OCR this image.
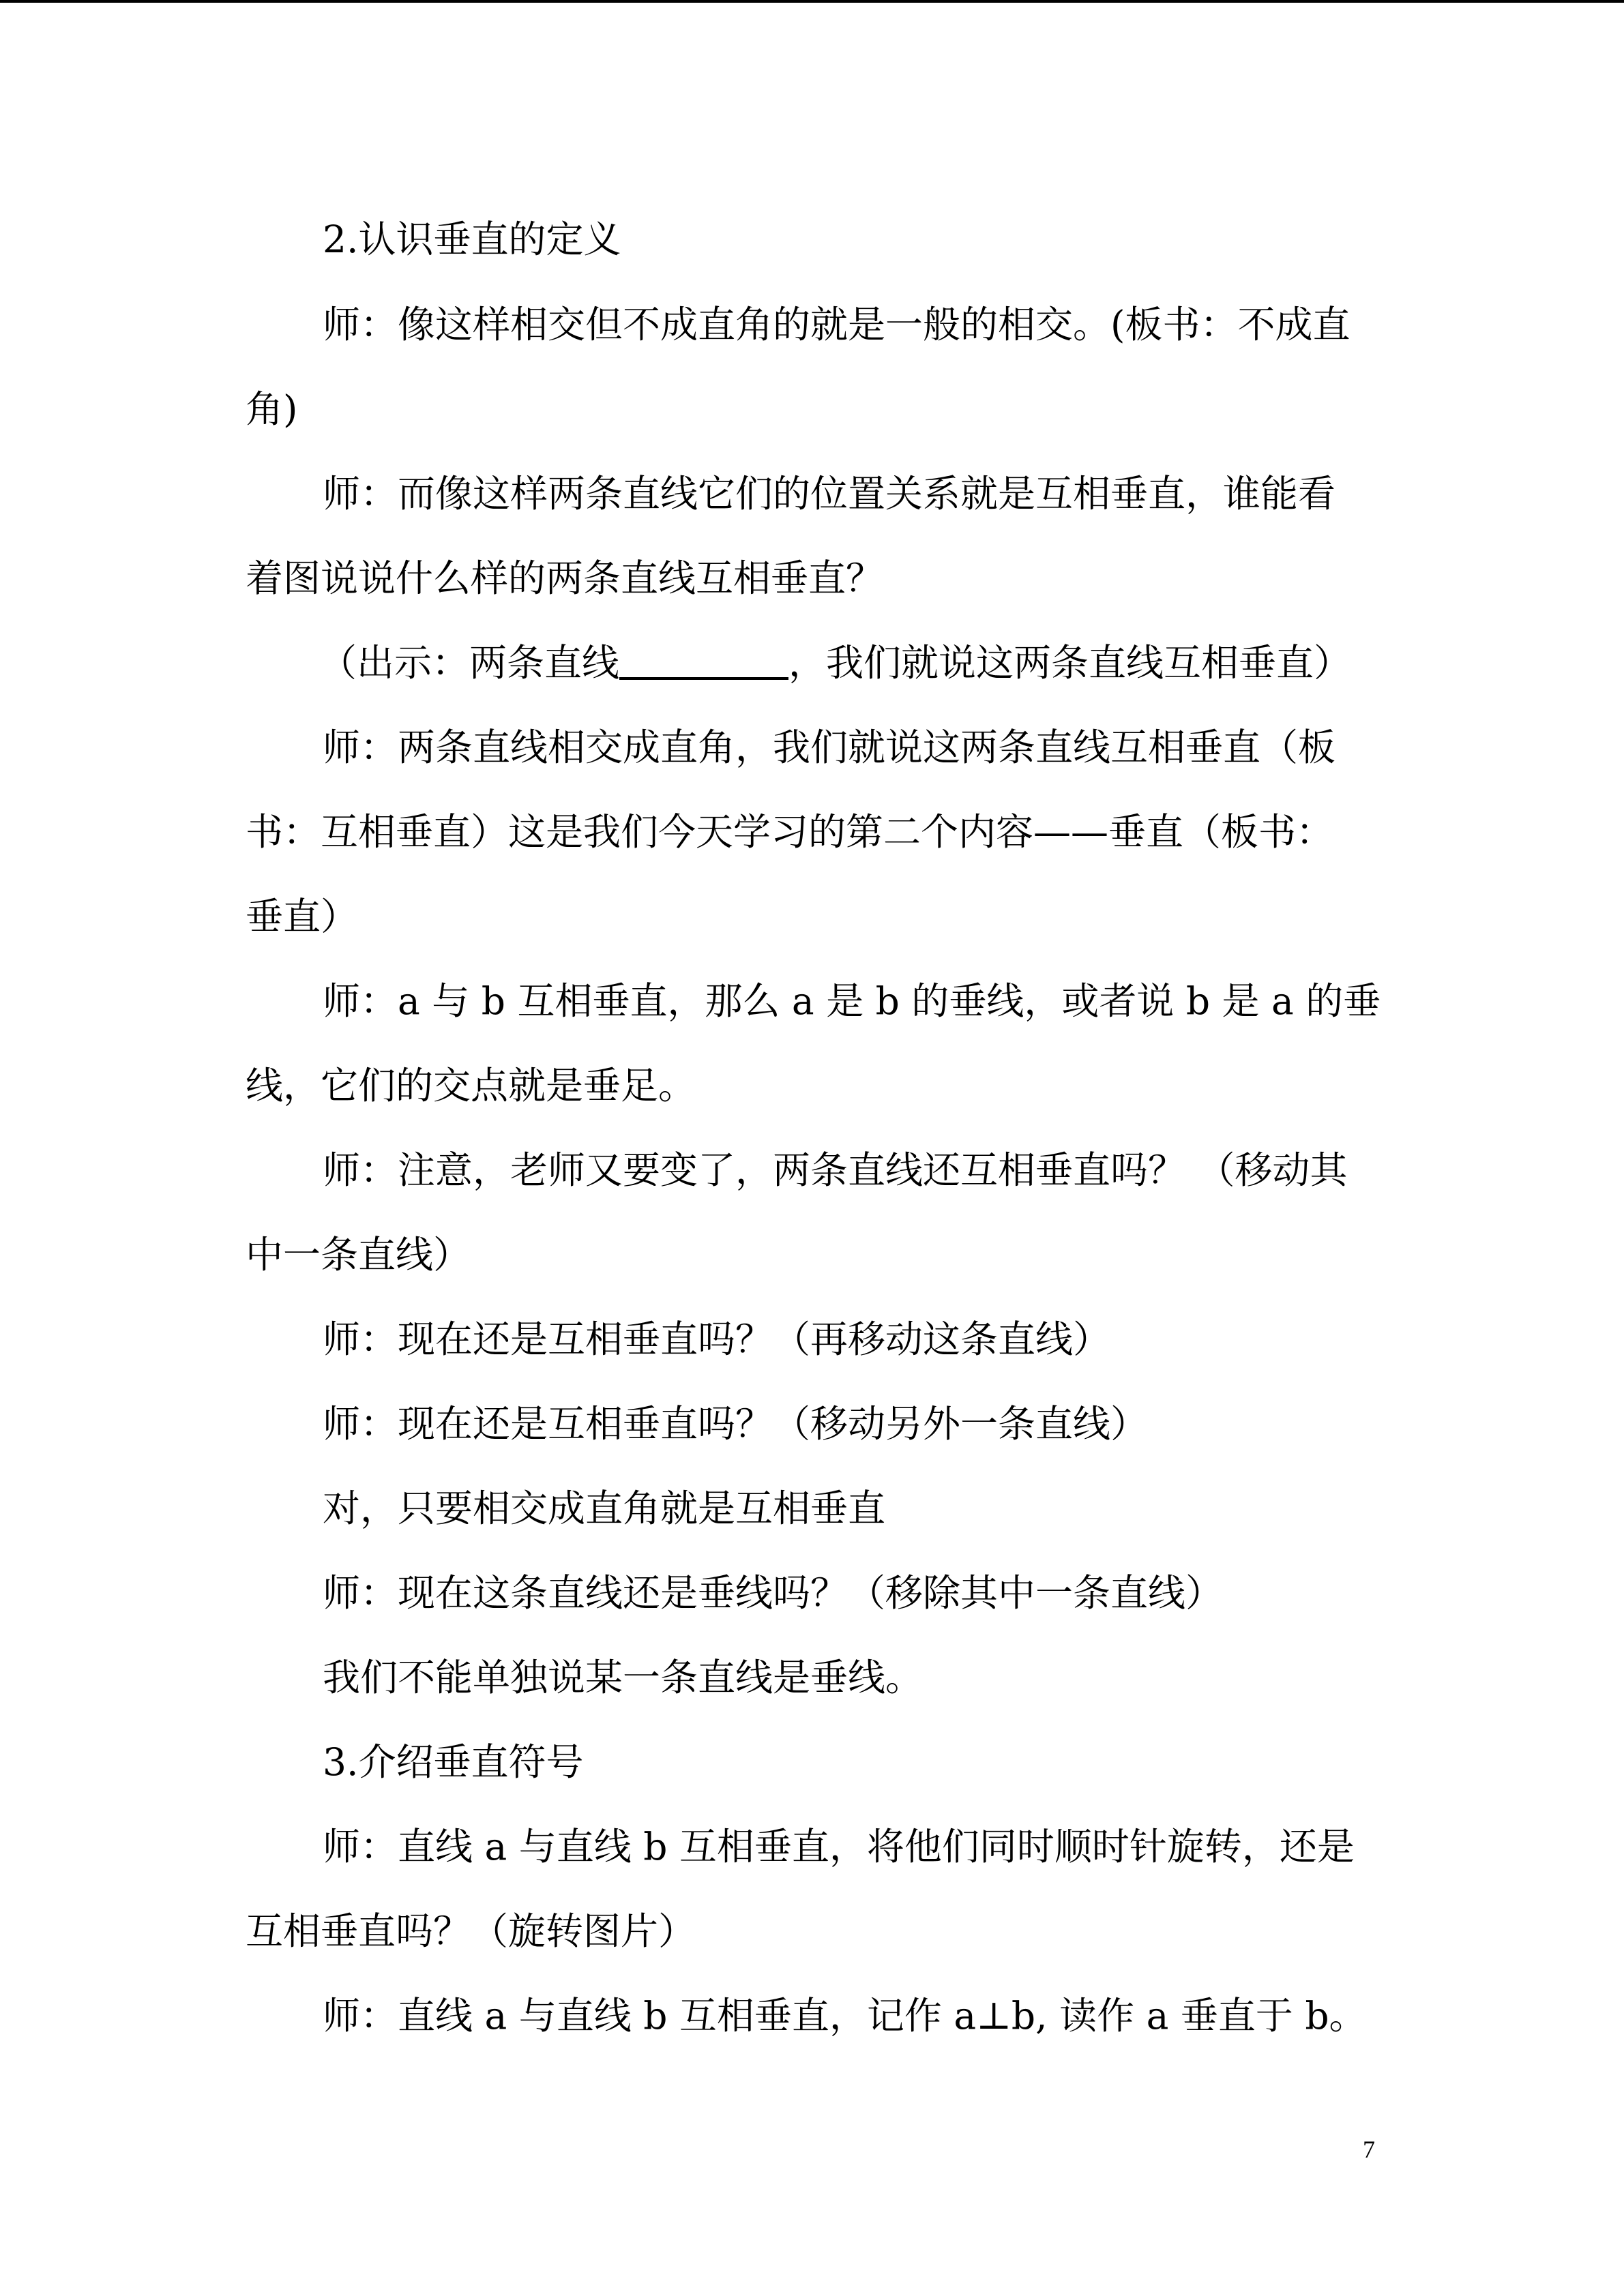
2.认识垂直的定义
师：像这样相交但不成直角的就是一般的相交。(板书：不成直
角)
师：而像这样两条直线它们的位置关系就是互相垂直，谁能看
着图说说什么样的两条直线互相垂直？
（出示：两条直线	，我们就说这两条直线互相垂直）
师：两条直线相交成直角，我们就说这两条直线互相垂直（板
书：互相垂直）这是我们今天学习的第二个内容——垂直（板书：
垂直）
师：a 与 b 互相垂直，那么 a 是 b 的垂线，或者说 b 是 a 的垂
线，它们的交点就是垂足。
师：注意，老师又要变了，两条直线还互相垂直吗？ （移动其
中一条直线）
师：现在还是互相垂直吗？（再移动这条直线）
师：现在还是互相垂直吗？（移动另外一条直线）
对，只要相交成直角就是互相垂直
师：现在这条直线还是垂线吗？（移除其中一条直线）
我们不能单独说某一条直线是垂线。
3.介绍垂直符号
师：直线 a 与直线 b 互相垂直，将他们同时顺时针旋转，还是
互相垂直吗？（旋转图片）
师：直线 a 与直线 b 互相垂直，记作 a⊥b, 读作 a 垂直于 b。
7
